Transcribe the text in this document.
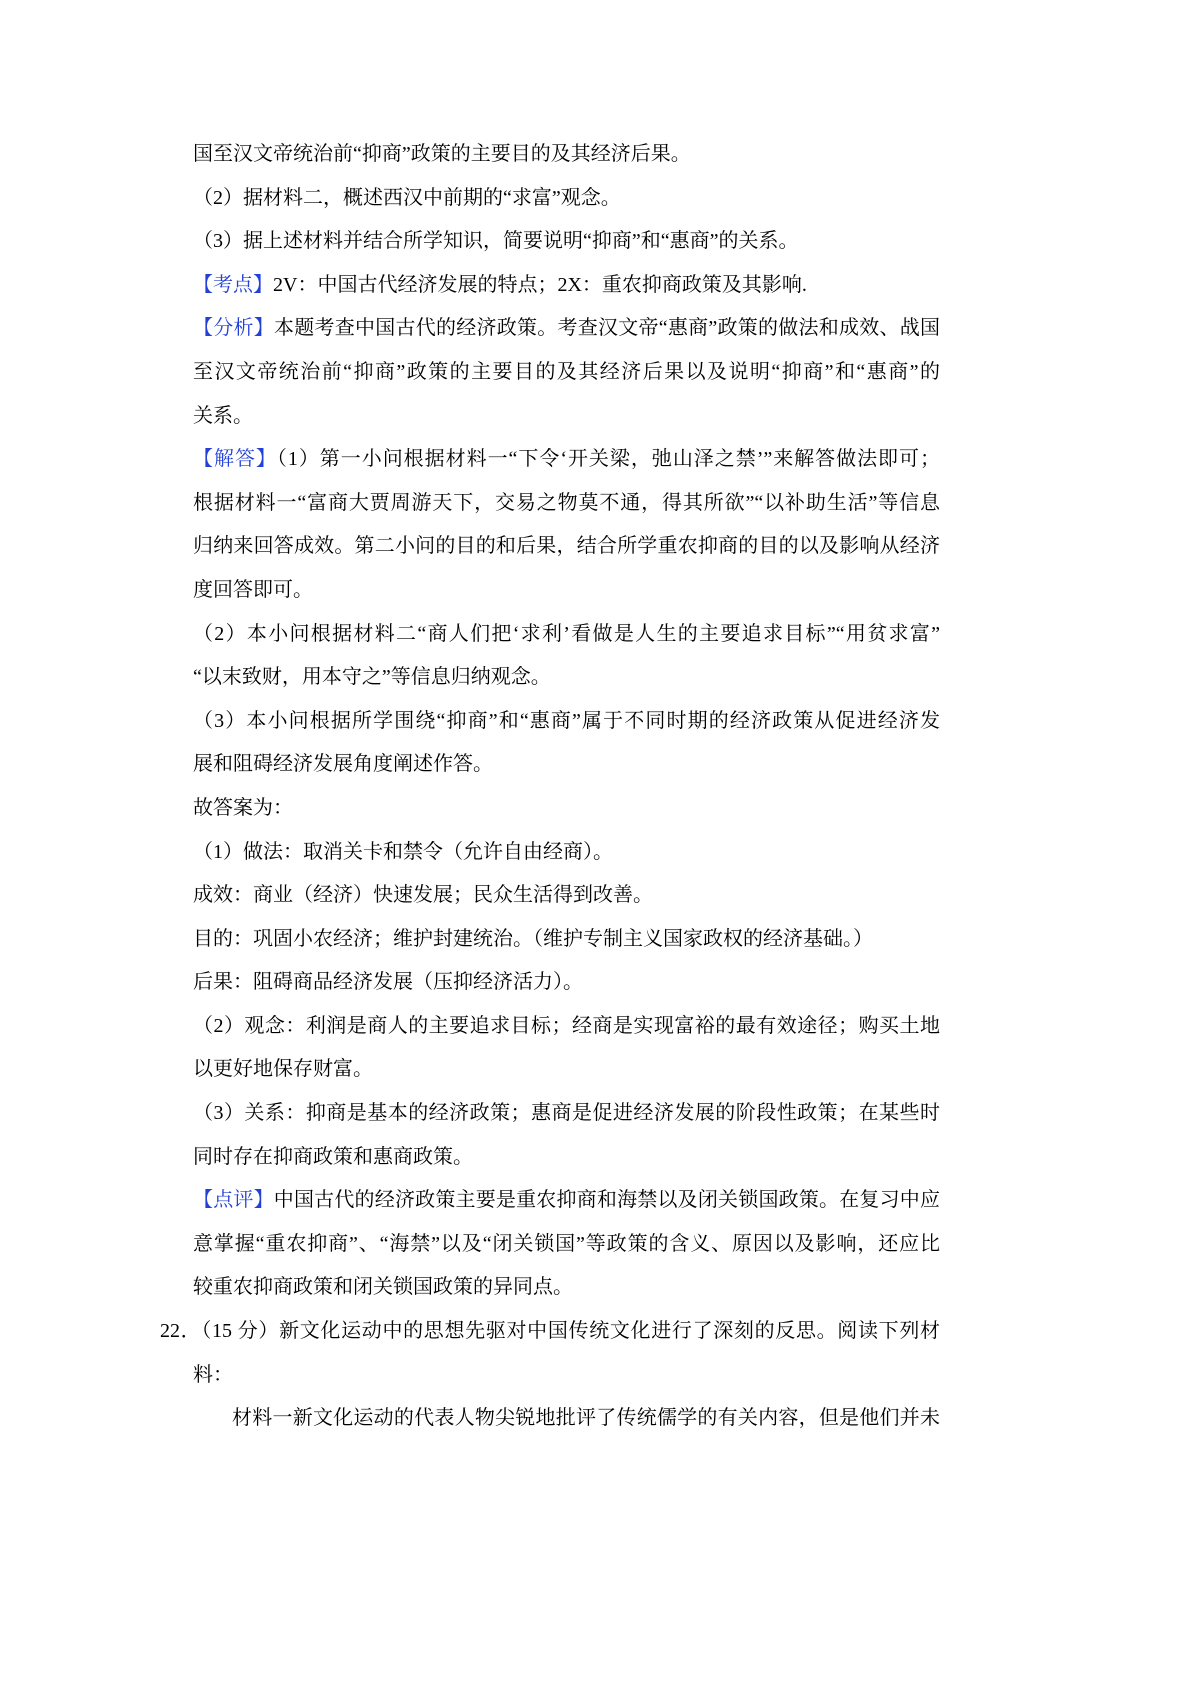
国至汉文帝统治前“抑商”政策的主要目的及其经济后果。
（2）据材料二，概述西汉中前期的“求富”观念。
（3）据上述材料并结合所学知识，简要说明“抑商”和“惠商”的关系。
【考点】2V：中国古代经济发展的特点；2X：重农抑商政策及其影响.
【分析】本题考查中国古代的经济政策。考查汉文帝“惠商”政策的做法和成效、战国
至汉文帝统治前“抑商”政策的主要目的及其经济后果以及说明“抑商”和“惠商”的
关系。
【解答】（1）第一小问根据材料一“下令‘开关梁，弛山泽之禁’”来解答做法即可；
根据材料一“富商大贾周游天下，交易之物莫不通，得其所欲”“以补助生活”等信息
归纳来回答成效。第二小问的目的和后果，结合所学重农抑商的目的以及影响从经济
度回答即可。
（2）本小问根据材料二“商人们把‘求利’看做是人生的主要追求目标”“用贫求富”
“以末致财，用本守之”等信息归纳观念。
（3）本小问根据所学围绕“抑商”和“惠商”属于不同时期的经济政策从促进经济发
展和阻碍经济发展角度阐述作答。
故答案为：
（1）做法：取消关卡和禁令（允许自由经商）。
成效：商业（经济）快速发展；民众生活得到改善。
目的：巩固小农经济；维护封建统治。（维护专制主义国家政权的经济基础。）
后果：阻碍商品经济发展（压抑经济活力）。
（2）观念：利润是商人的主要追求目标；经商是实现富裕的最有效途径；购买土地
以更好地保存财富。
（3）关系：抑商是基本的经济政策；惠商是促进经济发展的阶段性政策；在某些时
同时存在抑商政策和惠商政策。
【点评】中国古代的经济政策主要是重农抑商和海禁以及闭关锁国政策。在复习中应
意掌握“重农抑商”、“海禁”以及“闭关锁国”等政策的含义、原因以及影响，还应比
较重农抑商政策和闭关锁国政策的异同点。
22．（15 分）新文化运动中的思想先驱对中国传统文化进行了深刻的反思。阅读下列材
料：
材料一新文化运动的代表人物尖锐地批评了传统儒学的有关内容，但是他们并未
